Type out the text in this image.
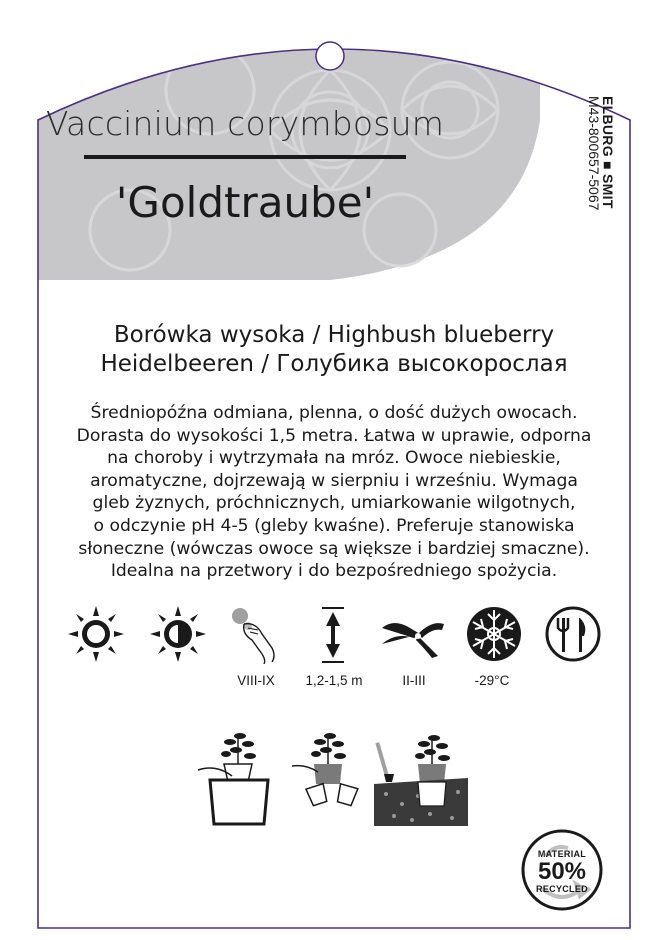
Vaccinium corymbosum
'Goldtraube'	ELBURG ■ SMIT
M43-800657-5067
Borówka wysoka / Highbush blueberry
Heidelbeeren / Голубика высокорослая
Średniopóźna odmiana, plenna, o dość dużych owocach.
Dorasta do wysokości 1,5 metra. Łatwa w uprawie, odporna
na choroby i wytrzymała na mróz. Owoce niebieskie,
aromatyczne, dojrzewają w sierpniu i wrześniu. Wymaga
gleb żyznych, próchnicznych, umiarkowanie wilgotnych,
o odczynie pH 4-5 (gleby kwaśne). Preferuje stanowiska
słoneczne (wówczas owoce są większe i bardziej smaczne).
Idealna na przetwory i do bezpośredniego spożycia.
VIII-IX	1,2-1,5 m	II-III	-29°C
MATERIAL
50%
RECYCLED
